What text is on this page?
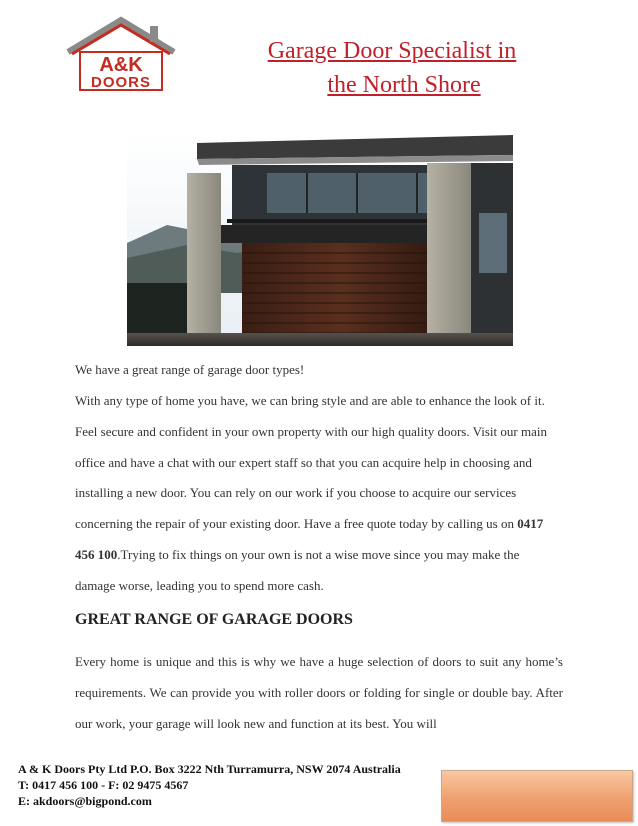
A&K
DOORS
Garage Door Specialist in
the North Shore
We have a great range of garage door types!
With any type of home you have, we can bring style and are able to enhance the look of it. Feel secure and confident in your own property with our high quality doors. Visit our main office and have a chat with our expert staff so that you can acquire help in choosing and installing a new door. You can rely on our work if you choose to acquire our services concerning the repair of your existing door. Have a free quote today by calling us on 0417 456 100.Trying to fix things on your own is not a wise move since you may make the damage worse, leading you to spend more cash.
GREAT RANGE OF GARAGE DOORS
Every home is unique and this is why we have a huge selection of doors to suit any home’s requirements. We can provide you with roller doors or folding for single or double bay. After our work, your garage will look new and function at its best. You will
A & K Doors Pty Ltd P.O. Box 3222 Nth Turramurra, NSW 2074 Australia
T: 0417 456 100 - F: 02 9475 4567
E: akdoors@bigpond.com
